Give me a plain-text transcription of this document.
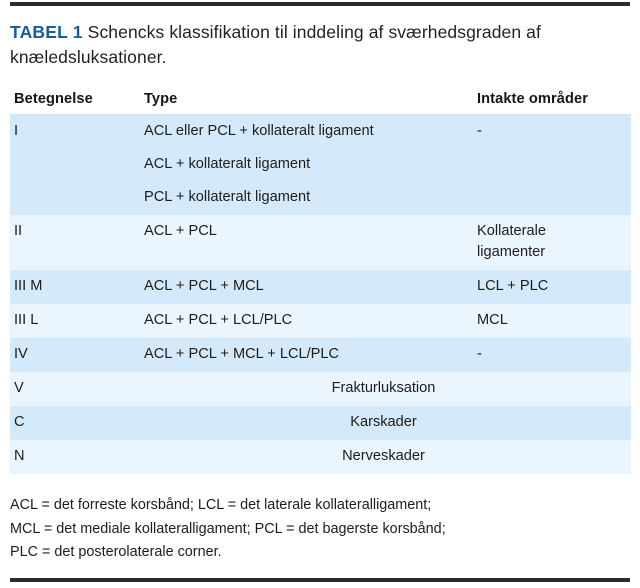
TABEL 1 Schencks klassifikation til inddeling af sværhedsgraden af knæledsluksationer.
Betegnelse	Type	Intakte områder
I	ACL eller PCL + kollateralt ligament
ACL + kollateralt ligament
PCL + kollateralt ligament	-

II	ACL + PCL	Kollaterale
ligamenter

III M	ACL + PCL + MCL	LCL + PLC
III L	ACL + PCL + LCL/PLC	MCL
IV	ACL + PCL + MCL + LCL/PLC	-
V	Frakturluksation	
C	Karskader	
N	Nerveskader	
ACL = det forreste korsbånd; LCL = det laterale kollateralligament;
MCL = det mediale kollateralligament; PCL = det bagerste korsbånd;
PLC = det posterolaterale corner.
